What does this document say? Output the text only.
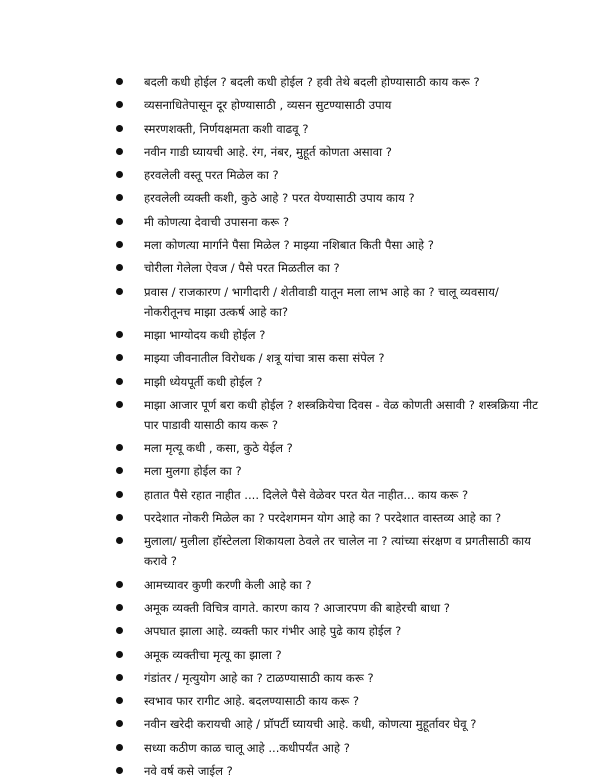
बदली कधी होईल ? बदली कधी होईल ? हवी तेथे बदली होण्यासाठी काय करू ?
व्यसनाधितेपासून दूर होण्यासाठी , व्यसन सुटण्यासाठी उपाय
स्मरणशक्ती, निर्णयक्षमता कशी वाढवू ?
नवीन गाडी घ्यायची आहे. रंग, नंबर, मुहूर्त कोणता असावा ?
हरवलेली वस्तू परत मिळेल का ?
हरवलेली व्यक्ती कशी, कुठे आहे ? परत येण्यासाठी उपाय काय ?
मी कोणत्या देवाची उपासना करू ?
मला कोणत्या मार्गाने पैसा मिळेल ? माझ्या नशिबात किती पैसा आहे ?
चोरीला गेलेला ऐवज / पैसे परत मिळतील का ?
प्रवास / राजकारण / भागीदारी / शेतीवाडी यातून मला लाभ आहे का ? चालू व्यवसाय/ नोकरीतूनच माझा उत्कर्ष आहे का?
माझा भाग्योदय कधी होईल ?
माझ्या जीवनातील विरोधक / शत्रू यांचा त्रास कसा संपेल ?
माझी ध्येयपूर्ती कधी होईल ?
माझा आजार पूर्ण बरा कधी होईल ? शस्त्रक्रियेचा दिवस - वेळ कोणती असावी ? शस्त्रक्रिया नीट पार पाडावी यासाठी काय करू ?
मला मृत्यू कधी , कसा, कुठे येईल ?
मला मुलगा होईल का ?
हातात पैसे रहात नाहीत .... दिलेले पैसे वेळेवर परत येत नाहीत... काय करू ?
परदेशात नोकरी मिळेल का ? परदेशगमन योग आहे का ? परदेशात वास्तव्य आहे का ?
मुलाला/ मुलीला हॉस्टेलला शिकायला ठेवले तर चालेल ना ? त्यांच्या संरक्षण व प्रगतीसाठी काय करावे ?
आमच्यावर कुणी करणी केली आहे का ?
अमूक व्यक्ती विचित्र वागते. कारण काय ? आजारपण की बाहेरची बाधा ?
अपघात झाला आहे. व्यक्ती फार गंभीर आहे पुढे काय होईल ?
अमूक व्यक्तीचा मृत्यू का झाला ?
गंडांतर / मृत्युयोग आहे का ? टाळण्यासाठी काय करू ?
स्वभाव फार रागीट आहे. बदलण्यासाठी काय करू ?
नवीन खरेदी करायची आहे / प्रॉपर्टी घ्यायची आहे. कधी, कोणत्या मुहूर्तावर घेवू ?
सध्या कठीण काळ चालू आहे ...कधीपर्यंत आहे ?
नवे वर्ष कसे जाईल ?
